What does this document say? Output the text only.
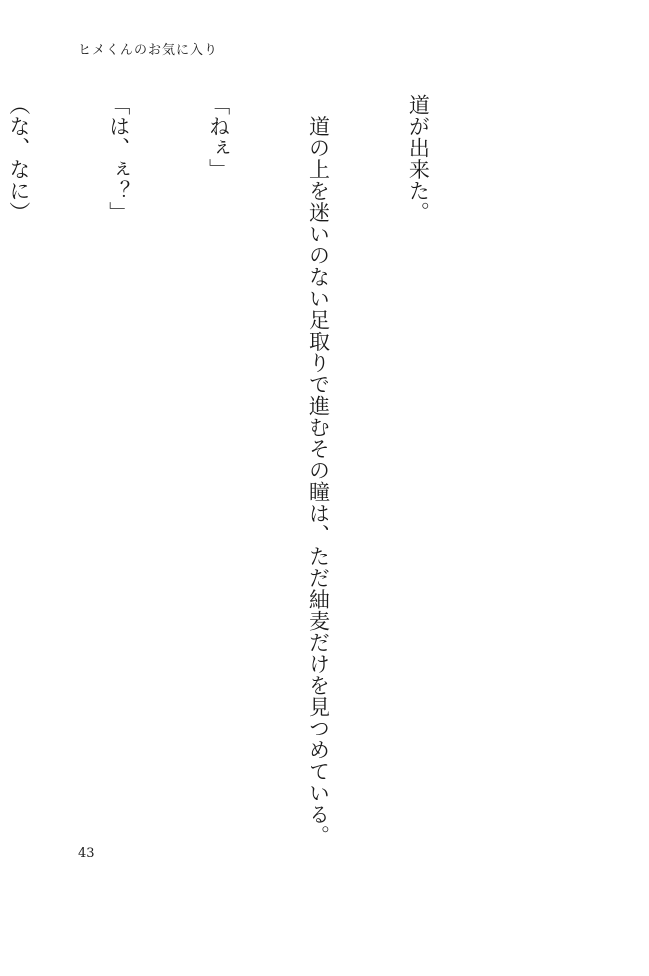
ヒメくんのお気に入り

道が出来た。

　道の上を迷いのない足取りで進むその瞳は、ただ紬麦だけを見つめている。

「ねぇ」

「は、ぇ？」

（な、なに）

43
